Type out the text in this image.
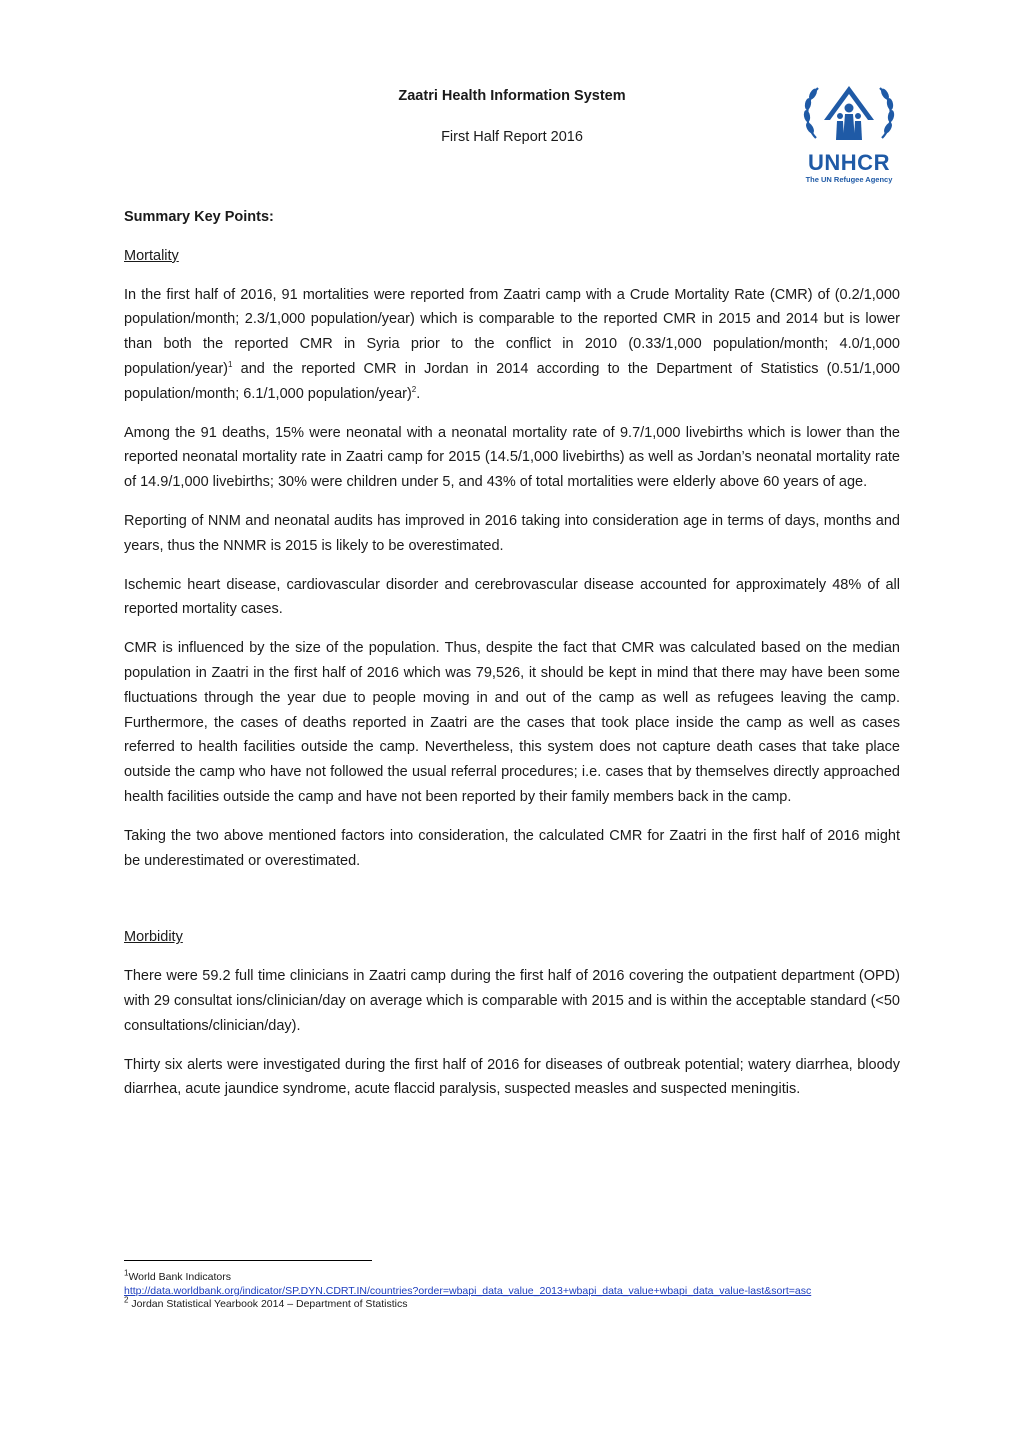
Zaatri Health Information System
First Half Report 2016
UNHCR
The UN Refugee Agency

Summary Key Points:

Mortality

In the first half of 2016, 91 mortalities were reported from Zaatri camp with a Crude Mortality Rate (CMR) of (0.2/1,000 population/month; 2.3/1,000 population/year) which is comparable to the reported CMR in 2015 and 2014 but is lower than both the reported CMR in Syria prior to the conflict in 2010 (0.33/1,000 population/month; 4.0/1,000 population/year)$^1$ and the reported CMR in Jordan in 2014 according to the Department of Statistics (0.51/1,000 population/month; 6.1/1,000 population/year)$^2$.

Among the 91 deaths, 15% were neonatal with a neonatal mortality rate of 9.7/1,000 livebirths which is lower than the reported neonatal mortality rate in Zaatri camp for 2015 (14.5/1,000 livebirths) as well as Jordan’s neonatal mortality rate of 14.9/1,000 livebirths; 30% were children under 5, and 43% of total mortalities were elderly above 60 years of age.

Reporting of NNM and neonatal audits has improved in 2016 taking into consideration age in terms of days, months and years, thus the NNMR is 2015 is likely to be overestimated.

Ischemic heart disease, cardiovascular disorder and cerebrovascular disease accounted for approximately 48% of all reported mortality cases.

CMR is influenced by the size of the population. Thus, despite the fact that CMR was calculated based on the median population in Zaatri in the first half of 2016 which was 79,526, it should be kept in mind that there may have been some fluctuations through the year due to people moving in and out of the camp as well as refugees leaving the camp. Furthermore, the cases of deaths reported in Zaatri are the cases that took place inside the camp as well as cases referred to health facilities outside the camp. Nevertheless, this system does not capture death cases that take place outside the camp who have not followed the usual referral procedures; i.e. cases that by themselves directly approached health facilities outside the camp and have not been reported by their family members back in the camp.

Taking the two above mentioned factors into consideration, the calculated CMR for Zaatri in the first half of 2016 might be underestimated or overestimated.

Morbidity

There were 59.2 full time clinicians in Zaatri camp during the first half of 2016 covering the outpatient department (OPD) with 29 consultat ions/clinician/day on average which is comparable with 2015 and is within the acceptable standard (<50 consultations/clinician/day).

Thirty six alerts were investigated during the first half of 2016 for diseases of outbreak potential; watery diarrhea, bloody diarrhea, acute jaundice syndrome, acute flaccid paralysis, suspected measles and suspected meningitis.

$^1$World Bank Indicators
http://data.worldbank.org/indicator/SP.DYN.CDRT.IN/countries?order=wbapi_data_value_2013+wbapi_data_value+wbapi_data_value-last&sort=asc
$^2$ Jordan Statistical Yearbook 2014 – Department of Statistics
